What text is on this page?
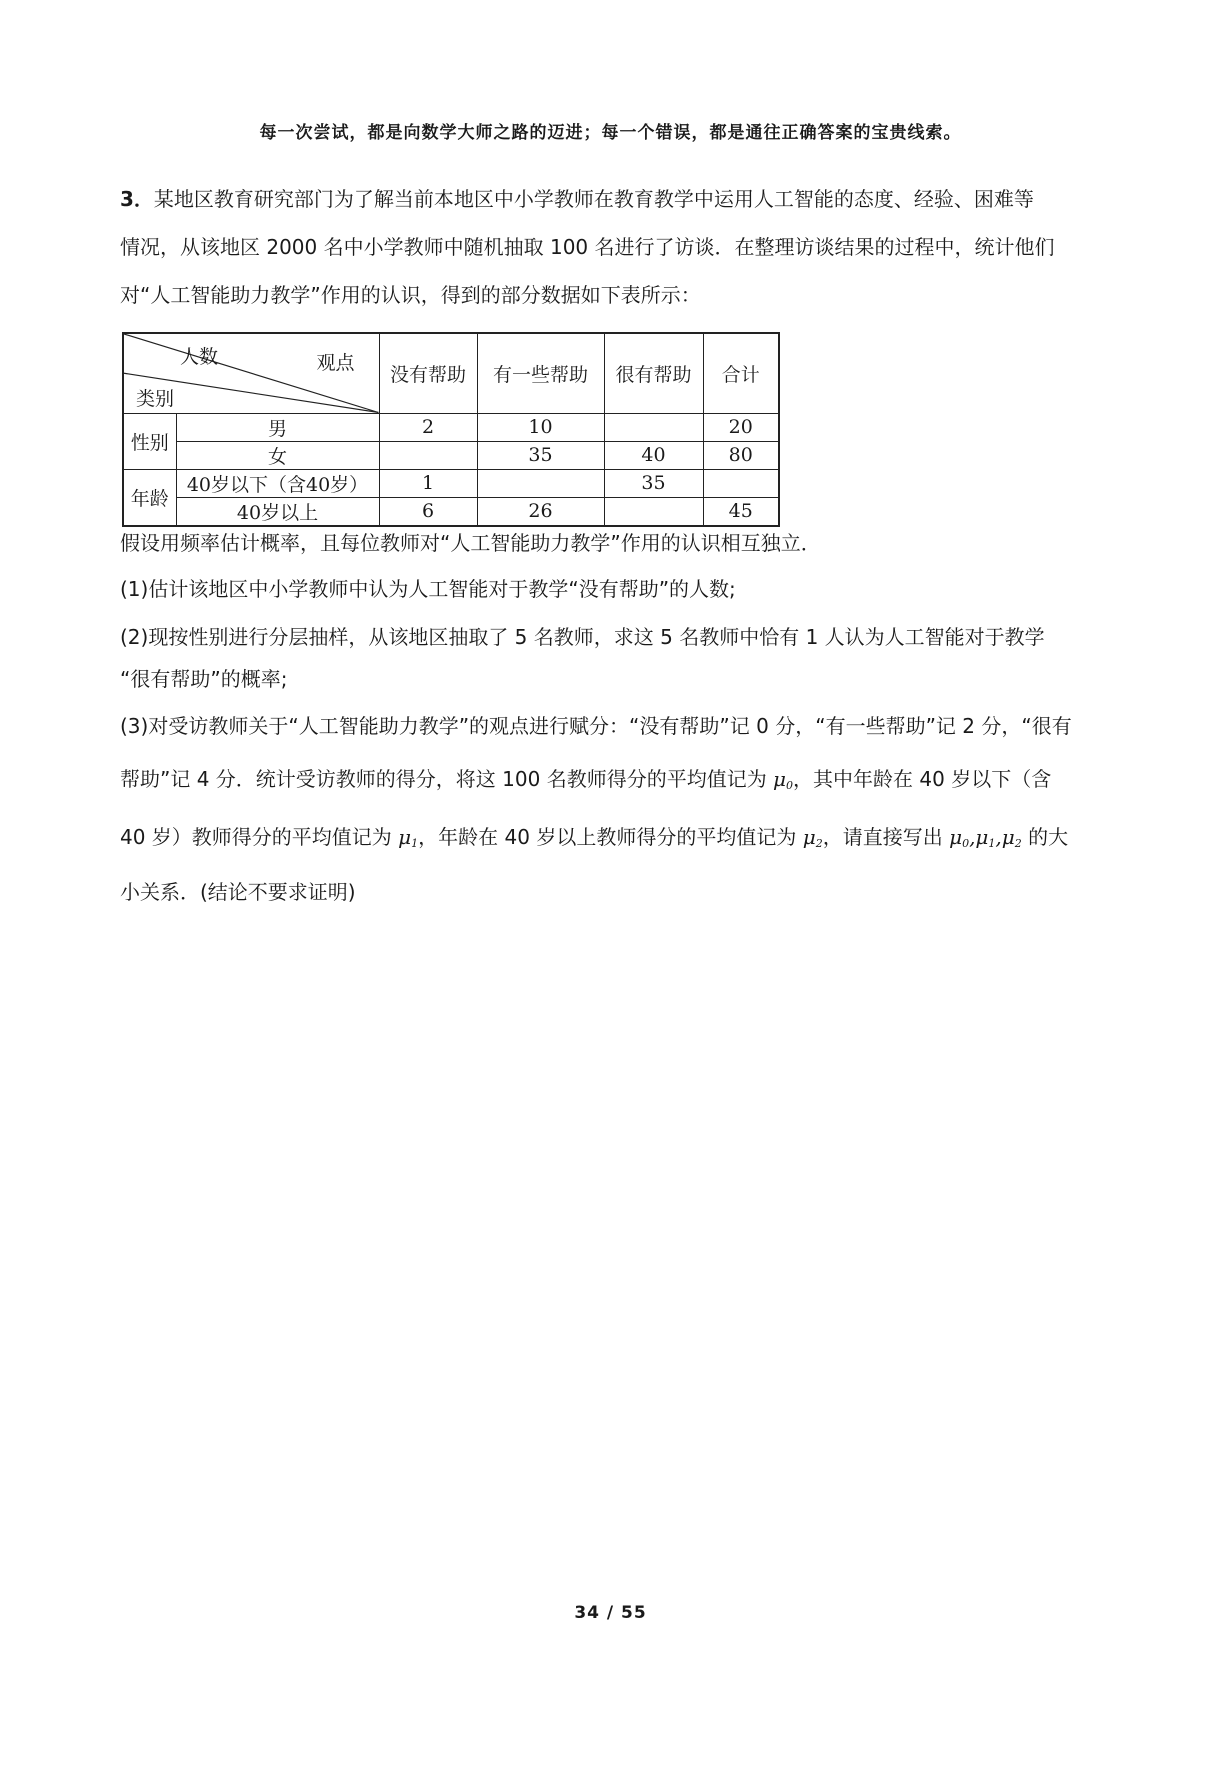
每一次尝试，都是向数学大师之路的迈进；每一个错误，都是通往正确答案的宝贵线索。
3．某地区教育研究部门为了解当前本地区中小学教师在教育教学中运用人工智能的态度、经验、困难等
情况，从该地区 2000 名中小学教师中随机抽取 100 名进行了访谈．在整理访谈结果的过程中，统计他们
对“人工智能助力教学”作用的认识，得到的部分数据如下表所示：
人数 观点
类别		没有帮助	有一些帮助	很有帮助	合计
性别	男	2	10		20
	女		35	40	80
年龄	40岁以下（含40岁）	1		35	
	40岁以上	6	26		45
假设用频率估计概率，且每位教师对“人工智能助力教学”作用的认识相互独立．
(1)估计该地区中小学教师中认为人工智能对于教学“没有帮助”的人数;
(2)现按性别进行分层抽样，从该地区抽取了 5 名教师，求这 5 名教师中恰有 1 人认为人工智能对于教学
“很有帮助”的概率;
(3)对受访教师关于“人工智能助力教学”的观点进行赋分：“没有帮助”记 0 分，“有一些帮助”记 2 分，“很有
帮助”记 4 分．统计受访教师的得分，将这 100 名教师得分的平均值记为 $\mu_0$，其中年龄在 40 岁以下（含
40 岁）教师得分的平均值记为 $\mu_1$，年龄在 40 岁以上教师得分的平均值记为 $\mu_2$，请直接写出 $\mu_0,\mu_1,\mu_2$ 的大
小关系．(结论不要求证明)
34 / 55
